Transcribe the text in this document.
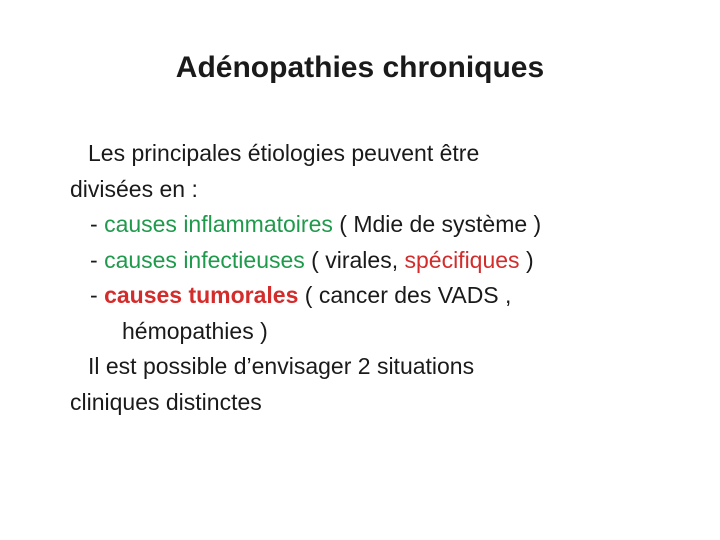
Adénopathies chroniques
Les principales étiologies peuvent être
divisées en :
- causes inflammatoires ( Mdie de système )
- causes infectieuses ( virales, spécifiques )
- causes tumorales ( cancer des VADS ,
hémopathies )
Il est possible d’envisager 2 situations
cliniques distinctes
